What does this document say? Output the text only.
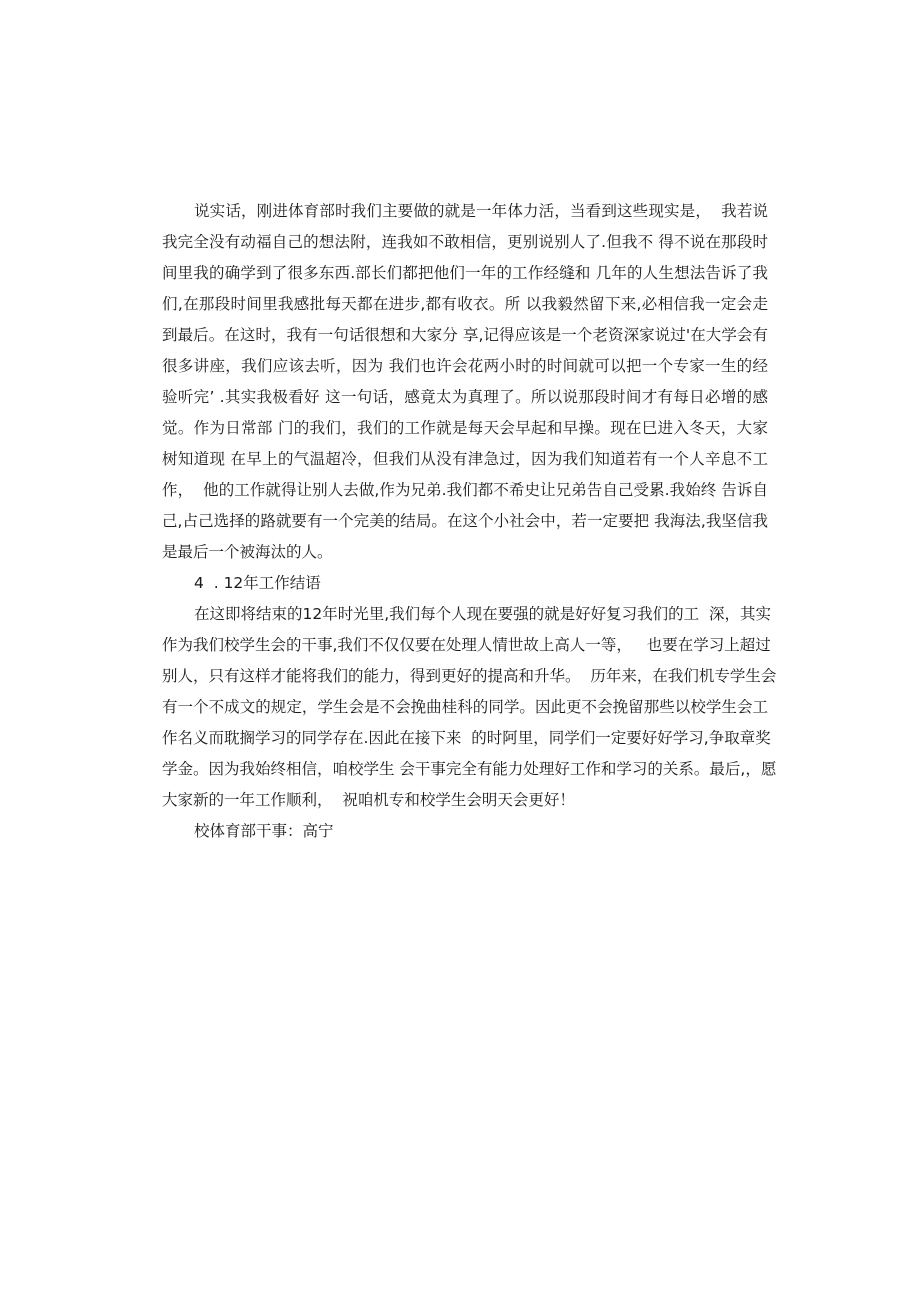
说实话，刚进体育部时我们主要做的就是一年体力活，当看到这些现实是，  我若说
我完全没有动福自己的想法附，连我如不敢相信，更别说别人了.但我不 得不说在那段时
间里我的确学到了很多东西.部长们都把他们一年的工作经缝和 几年的人生想法告诉了我
们,在那段时间里我感批每天都在进步,都有收衣。所 以我毅然留下来,必相信我一定会走
到最后。在这时，我有一句话很想和大家分 享,记得应该是一个老资深家说过'在大学会有
很多讲座，我们应该去听，因为 我们也许会花两小时的时间就可以把一个专家一生的经
验听完’ .其实我极看好 这一句话，感竟太为真理了。所以说那段时间才有每日必增的感
觉。作为日常部 门的我们，我们的工作就是每天会早起和早操。现在巳进入冬天，大家
树知道现 在早上的气温超冷，但我们从没有津急过，因为我们知道若有一个人辛息不工
作，  他的工作就得让别人去做,作为兄弟.我们都不希史让兄弟告自己受累.我始终 告诉自
己,占己选择的路就要有一个完美的结局。在这个小社会中，若一定要把 我海法,我坚信我
是最后一个被海汰的人。
4  . 12年工作结语
在这即将结束的12年时光里,我们每个人现在要强的就是好好复习我们的工  深，其实
作为我们校学生会的干事,我们不仅仅要在处理人情世故上高人一等，   也要在学习上超过
别人，只有这样才能将我们的能力，得到更好的提高和升华。  历年来，在我们机专学生会
有一个不成文的规定，学生会是不会挽曲桂科的同学。因此更不会挽留那些以校学生会工
作名义而耽搁学习的同学存在.因此在接下来  的时阿里，同学们一定要好好学习,争取章奖
学金。因为我始终相信，咱校学生 会干事完全有能力处理好工作和学习的关系。最后,，愿
大家新的一年工作顺利，  祝咱机专和校学生会明天会更好！
校体育部干事：高宁
